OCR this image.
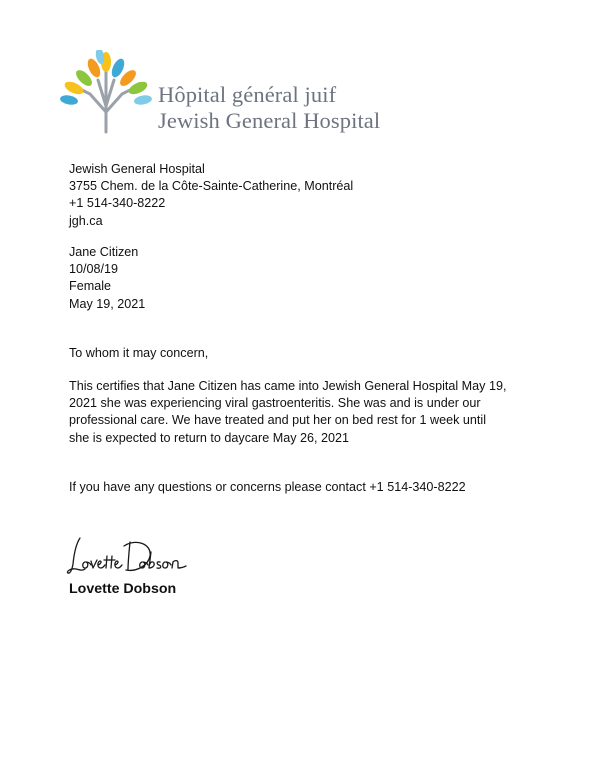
Hôpital général juif
Jewish General Hospital
Jewish General Hospital
3755 Chem. de la Côte-Sainte-Catherine, Montréal
+1 514-340-8222
jgh.ca
Jane Citizen
10/08/19
Female
May 19, 2021
To whom it may concern,

This certifies that Jane Citizen has came into Jewish General Hospital May 19, 2021 she was experiencing viral gastroenteritis. She was and is under our professional care. We have treated and put her on bed rest for 1 week until she is expected to return to daycare May 26, 2021

If you have any questions or concerns please contact +1 514-340-8222
Lovette Dobson
